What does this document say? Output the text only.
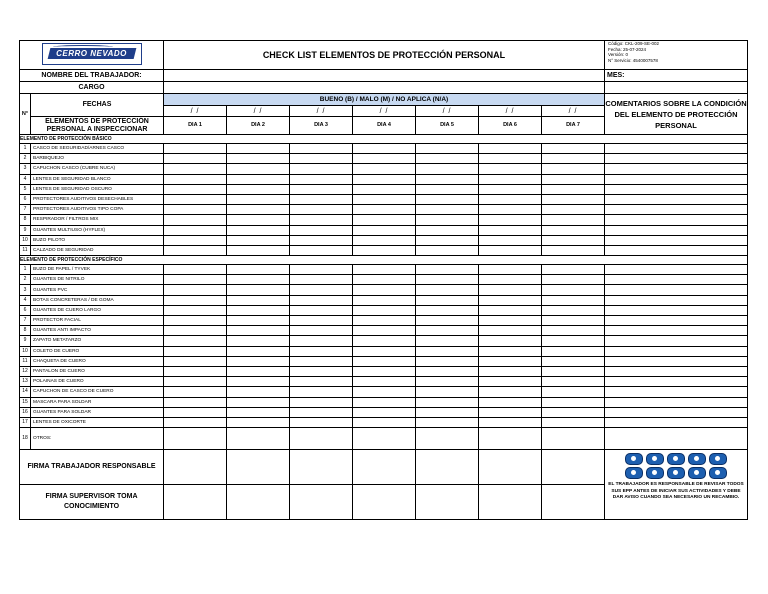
CERRO NEVADO		CHECK LIST ELEMENTOS DE PROTECCIÓN PERSONAL							Código: CKL-209-SE-002
Fecha: 25-07-2024
Versión: 0
N° Servicio: 4540007578

NOMBRE DEL TRABAJADOR:									MES:
CARGO									
N°	FECHAS	BUENO (B) / MALO (M) / NO APLICA (N/A)							COMENTARIOS SOBRE LA CONDICIÓN DEL ELEMENTO DE PROTECCIÓN PERSONAL
		/ /	/ /	/ /	/ /	/ /	/ /	/ /	
	ELEMENTOS DE PROTECCIÓN PERSONAL A INSPECCIONAR	DIA 1	DIA 2	DIA 3	DIA 4	DIA 5	DIA 6	DIA 7	
ELEMENTO DE PROTECCIÓN BÁSICO									
1	CASCO DE SEGURIDAD/ARNES CASCO								
2	BARBIQUEJO								
3	CAPUCHON CASCO (CUBRE NUCA)								
4	LENTES DE SEGURIDAD BLANCO								
5	LENTES DE SEGURIDAD OSCURO								
6	PROTECTORES AUDITIVOS DESECHABLES								
7	PROTECTORES AUDITIVOS TIPO COPA								
8	RESPIRADOR / FILTROS MIX								
9	GUANTES MULTIUSO (HYFLEX)								
10	BUZO PILOTO								
11	CALZADO DE SEGURIDAD								
ELEMENTO DE PROTECCIÓN ESPECÍFICO									
1	BUZO DE PAPEL / TYVEK								
2	GUANTES DE NITRILO								
3	GUANTES PVC								
4	BOTAS CONCRETERAS / DE GOMA								
6	GUANTES DE CUERO LARGO								
7	PROTECTOR FACIAL								
8	GUANTES ANTI IMPACTO								
9	ZAPATO METATARZO								
10	COLETO DE CUERO								
11	CHAQUETA DE CUERO								
12	PANTALON DE CUERO								
13	POLAINAS DE CUERO								
14	CAPUCHON DE CASCO DE CUERO								
15	MASCARA PARA SOLDAR								
16	GUANTES PARA SOLDAR								
17	LENTES DE OXICORTE								
18	OTROS:								
FIRMA TRABAJADOR RESPONSABLE									EL TRABAJADOR ES RESPONSABLE DE REVISAR TODOS SUS EPP ANTES DE INICIAR SUS ACTIVIDADES Y DEBE DAR AVISO CUANDO SEA NECESARIO UN RECAMBIO.

FIRMA SUPERVISOR TOMA CONOCIMIENTO									
